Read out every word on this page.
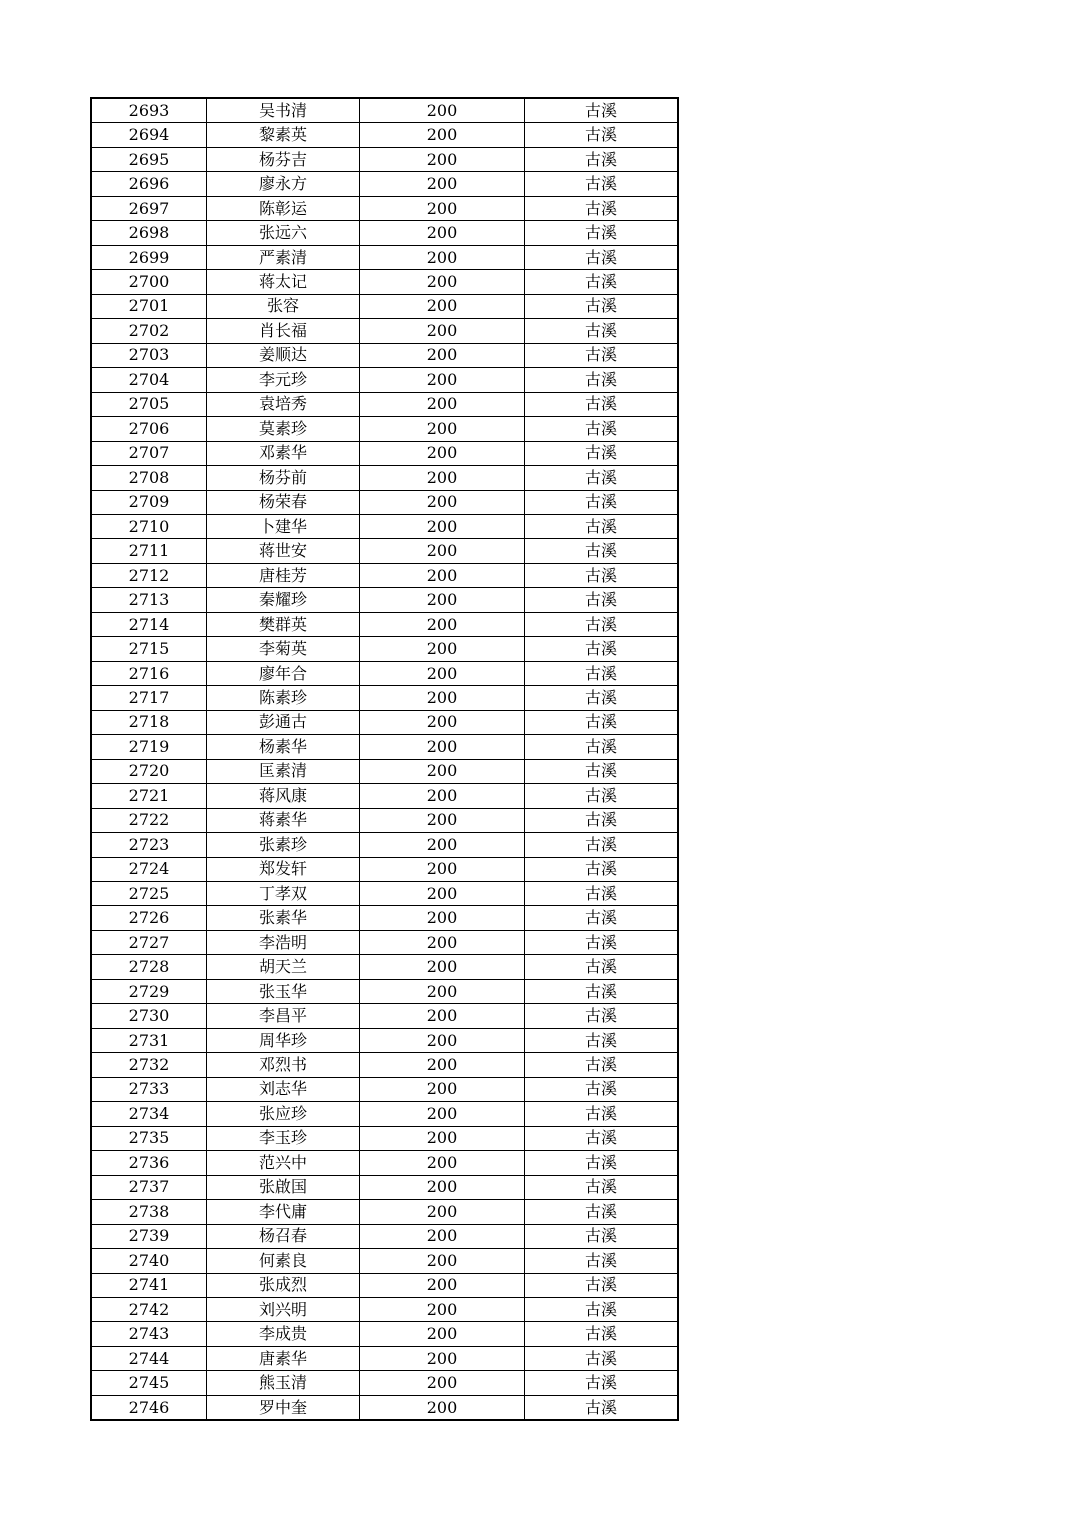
2693	吴书清	200	古溪
2694	黎素英	200	古溪
2695	杨芬吉	200	古溪
2696	廖永方	200	古溪
2697	陈彰运	200	古溪
2698	张远六	200	古溪
2699	严素清	200	古溪
2700	蒋太记	200	古溪
2701	张容	200	古溪
2702	肖长福	200	古溪
2703	姜顺达	200	古溪
2704	李元珍	200	古溪
2705	袁培秀	200	古溪
2706	莫素珍	200	古溪
2707	邓素华	200	古溪
2708	杨芬前	200	古溪
2709	杨荣春	200	古溪
2710	卜建华	200	古溪
2711	蒋世安	200	古溪
2712	唐桂芳	200	古溪
2713	秦耀珍	200	古溪
2714	樊群英	200	古溪
2715	李菊英	200	古溪
2716	廖年合	200	古溪
2717	陈素珍	200	古溪
2718	彭通古	200	古溪
2719	杨素华	200	古溪
2720	匡素清	200	古溪
2721	蒋风康	200	古溪
2722	蒋素华	200	古溪
2723	张素珍	200	古溪
2724	郑发轩	200	古溪
2725	丁孝双	200	古溪
2726	张素华	200	古溪
2727	李浩明	200	古溪
2728	胡天兰	200	古溪
2729	张玉华	200	古溪
2730	李昌平	200	古溪
2731	周华珍	200	古溪
2732	邓烈书	200	古溪
2733	刘志华	200	古溪
2734	张应珍	200	古溪
2735	李玉珍	200	古溪
2736	范兴中	200	古溪
2737	张啟国	200	古溪
2738	李代庸	200	古溪
2739	杨召春	200	古溪
2740	何素良	200	古溪
2741	张成烈	200	古溪
2742	刘兴明	200	古溪
2743	李成贵	200	古溪
2744	唐素华	200	古溪
2745	熊玉清	200	古溪
2746	罗中奎	200	古溪
